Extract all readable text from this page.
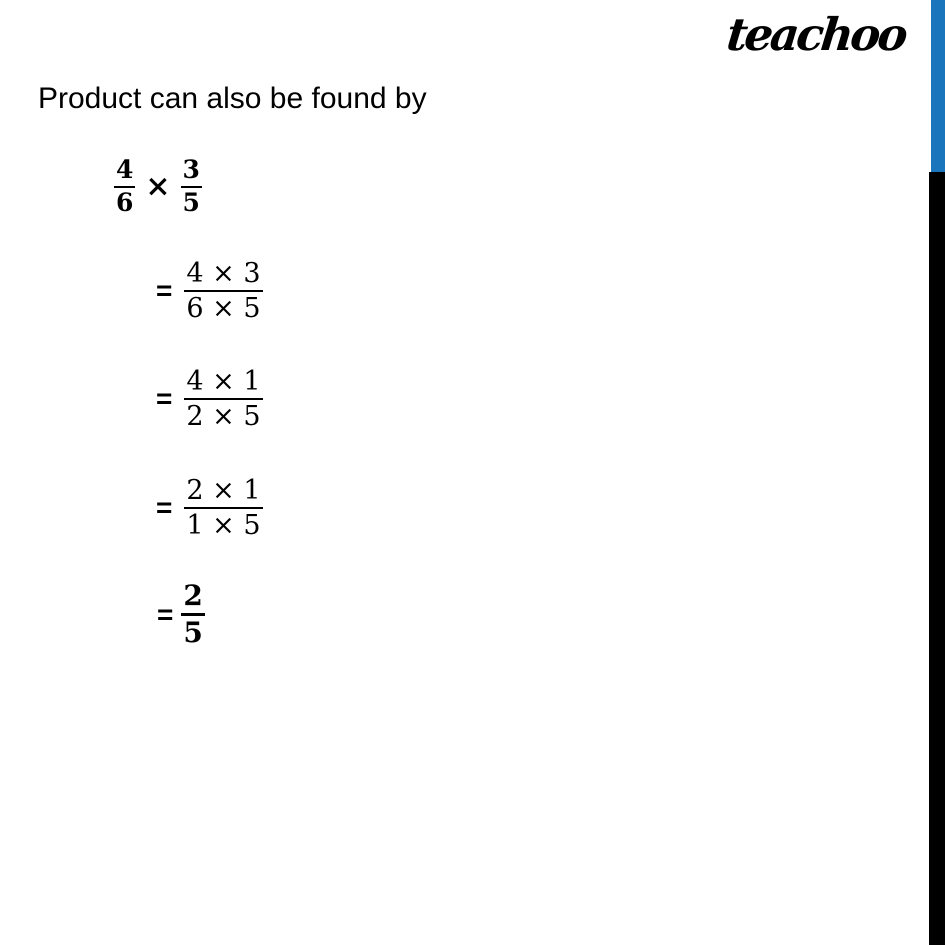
teachoo
Product can also be found by
$\frac{4}{6} \times \frac{3}{5}$
= $\frac{4 \times 3}{6 \times 5}$
= $\frac{4 \times 1}{2 \times 5}$
= $\frac{2 \times 1}{1 \times 5}$
= $\frac{2}{5}$
